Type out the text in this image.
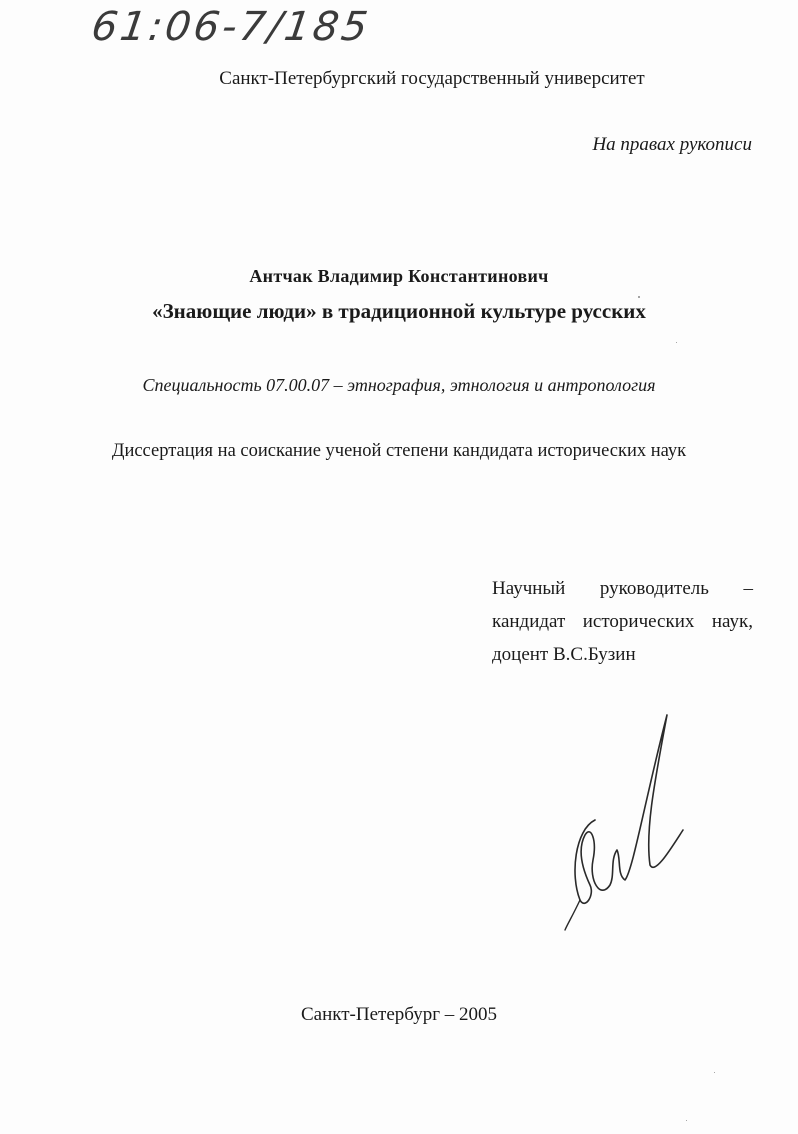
61:06-7/185
Санкт-Петербургский государственный университет
На правах рукописи
Антчак Владимир Константинович
«Знающие люди» в традиционной культуре русских
Специальность 07.00.07 – этнография, этнология и антропология
Диссертация на соискание ученой степени кандидата исторических наук
Научный руководитель –
кандидат исторических наук,
доцент В.С.Бузин
Санкт-Петербург – 2005
